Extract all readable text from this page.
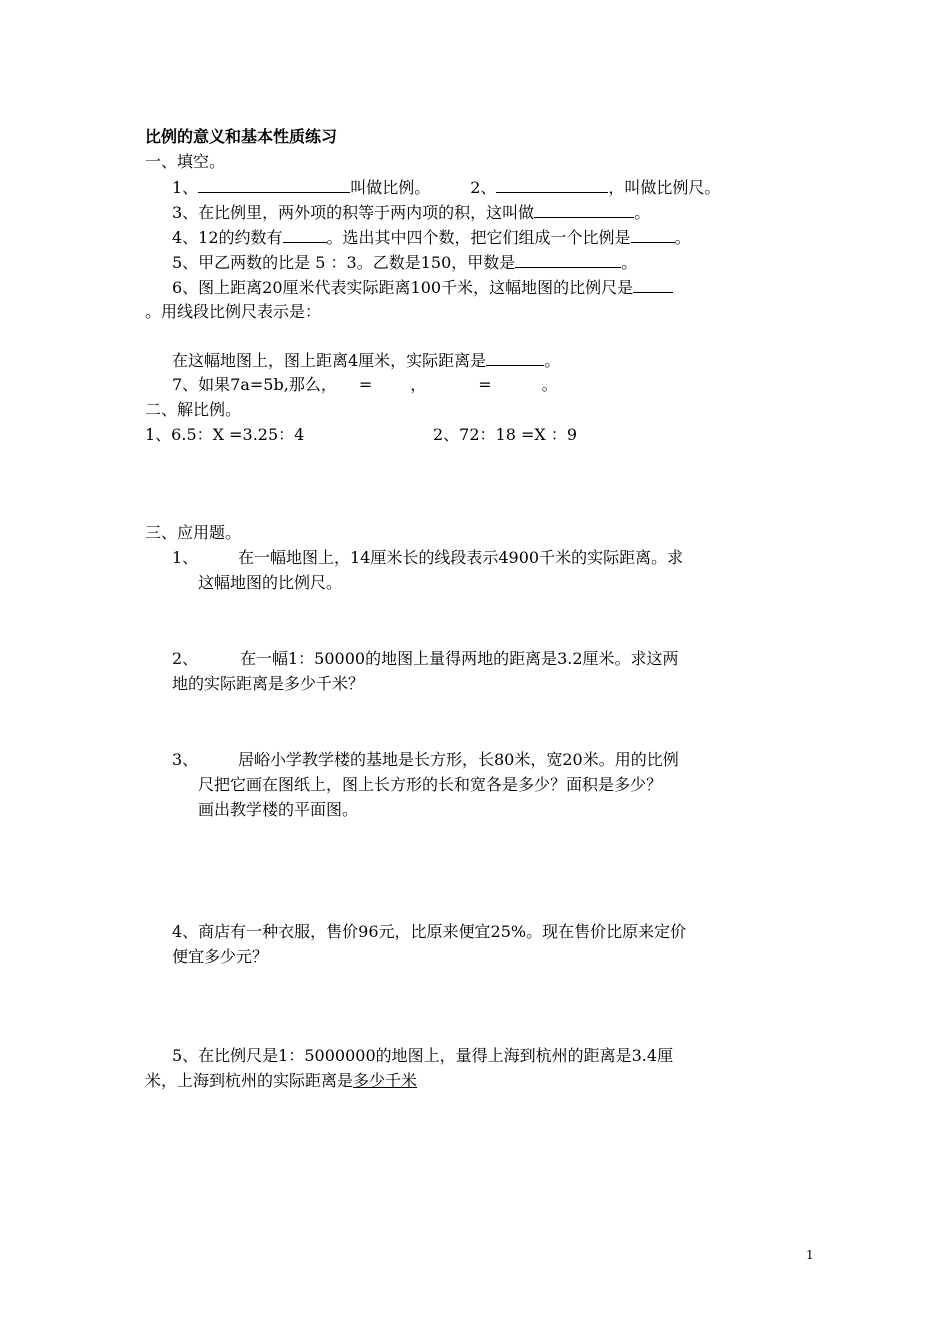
比例的意义和基本性质练习
一、填空。
1、	叫做比例。	2、	，叫做比例尺。
3、在比例里，两外项的积等于两内项的积，这叫做	。
4、12的约数有	。选出其中四个数，把它们组成一个比例是	。
5、甲乙两数的比是 5 ：3。乙数是150，甲数是	。
6、图上距离20厘米代表实际距离100千米，这幅地图的比例尺是
。用线段比例尺表示是：
在这幅地图上，图上距离4厘米，实际距离是	。
7、如果7a=5b,那么， = ，	=	。
二、解比例。
1、6.5：X =3.25：4	2、72：18 =X ：9
三、应用题。
1、 在一幅地图上，14厘米长的线段表示4900千米的实际距离。求
这幅地图的比例尺。
2、	在一幅1：50000的地图上量得两地的距离是3.2厘米。求这两
地的实际距离是多少千米？
3、 居峪小学教学楼的基地是长方形，长80米，宽20米。用的比例
尺把它画在图纸上，图上长方形的长和宽各是多少？面积是多少？
画出教学楼的平面图。
4、商店有一种衣服，售价96元，比原来便宜25%。现在售价比原来定价
便宜多少元？
5、在比例尺是1：5000000的地图上，量得上海到杭州的距离是3.4厘
米，上海到杭州的实际距离是多少千米
1
